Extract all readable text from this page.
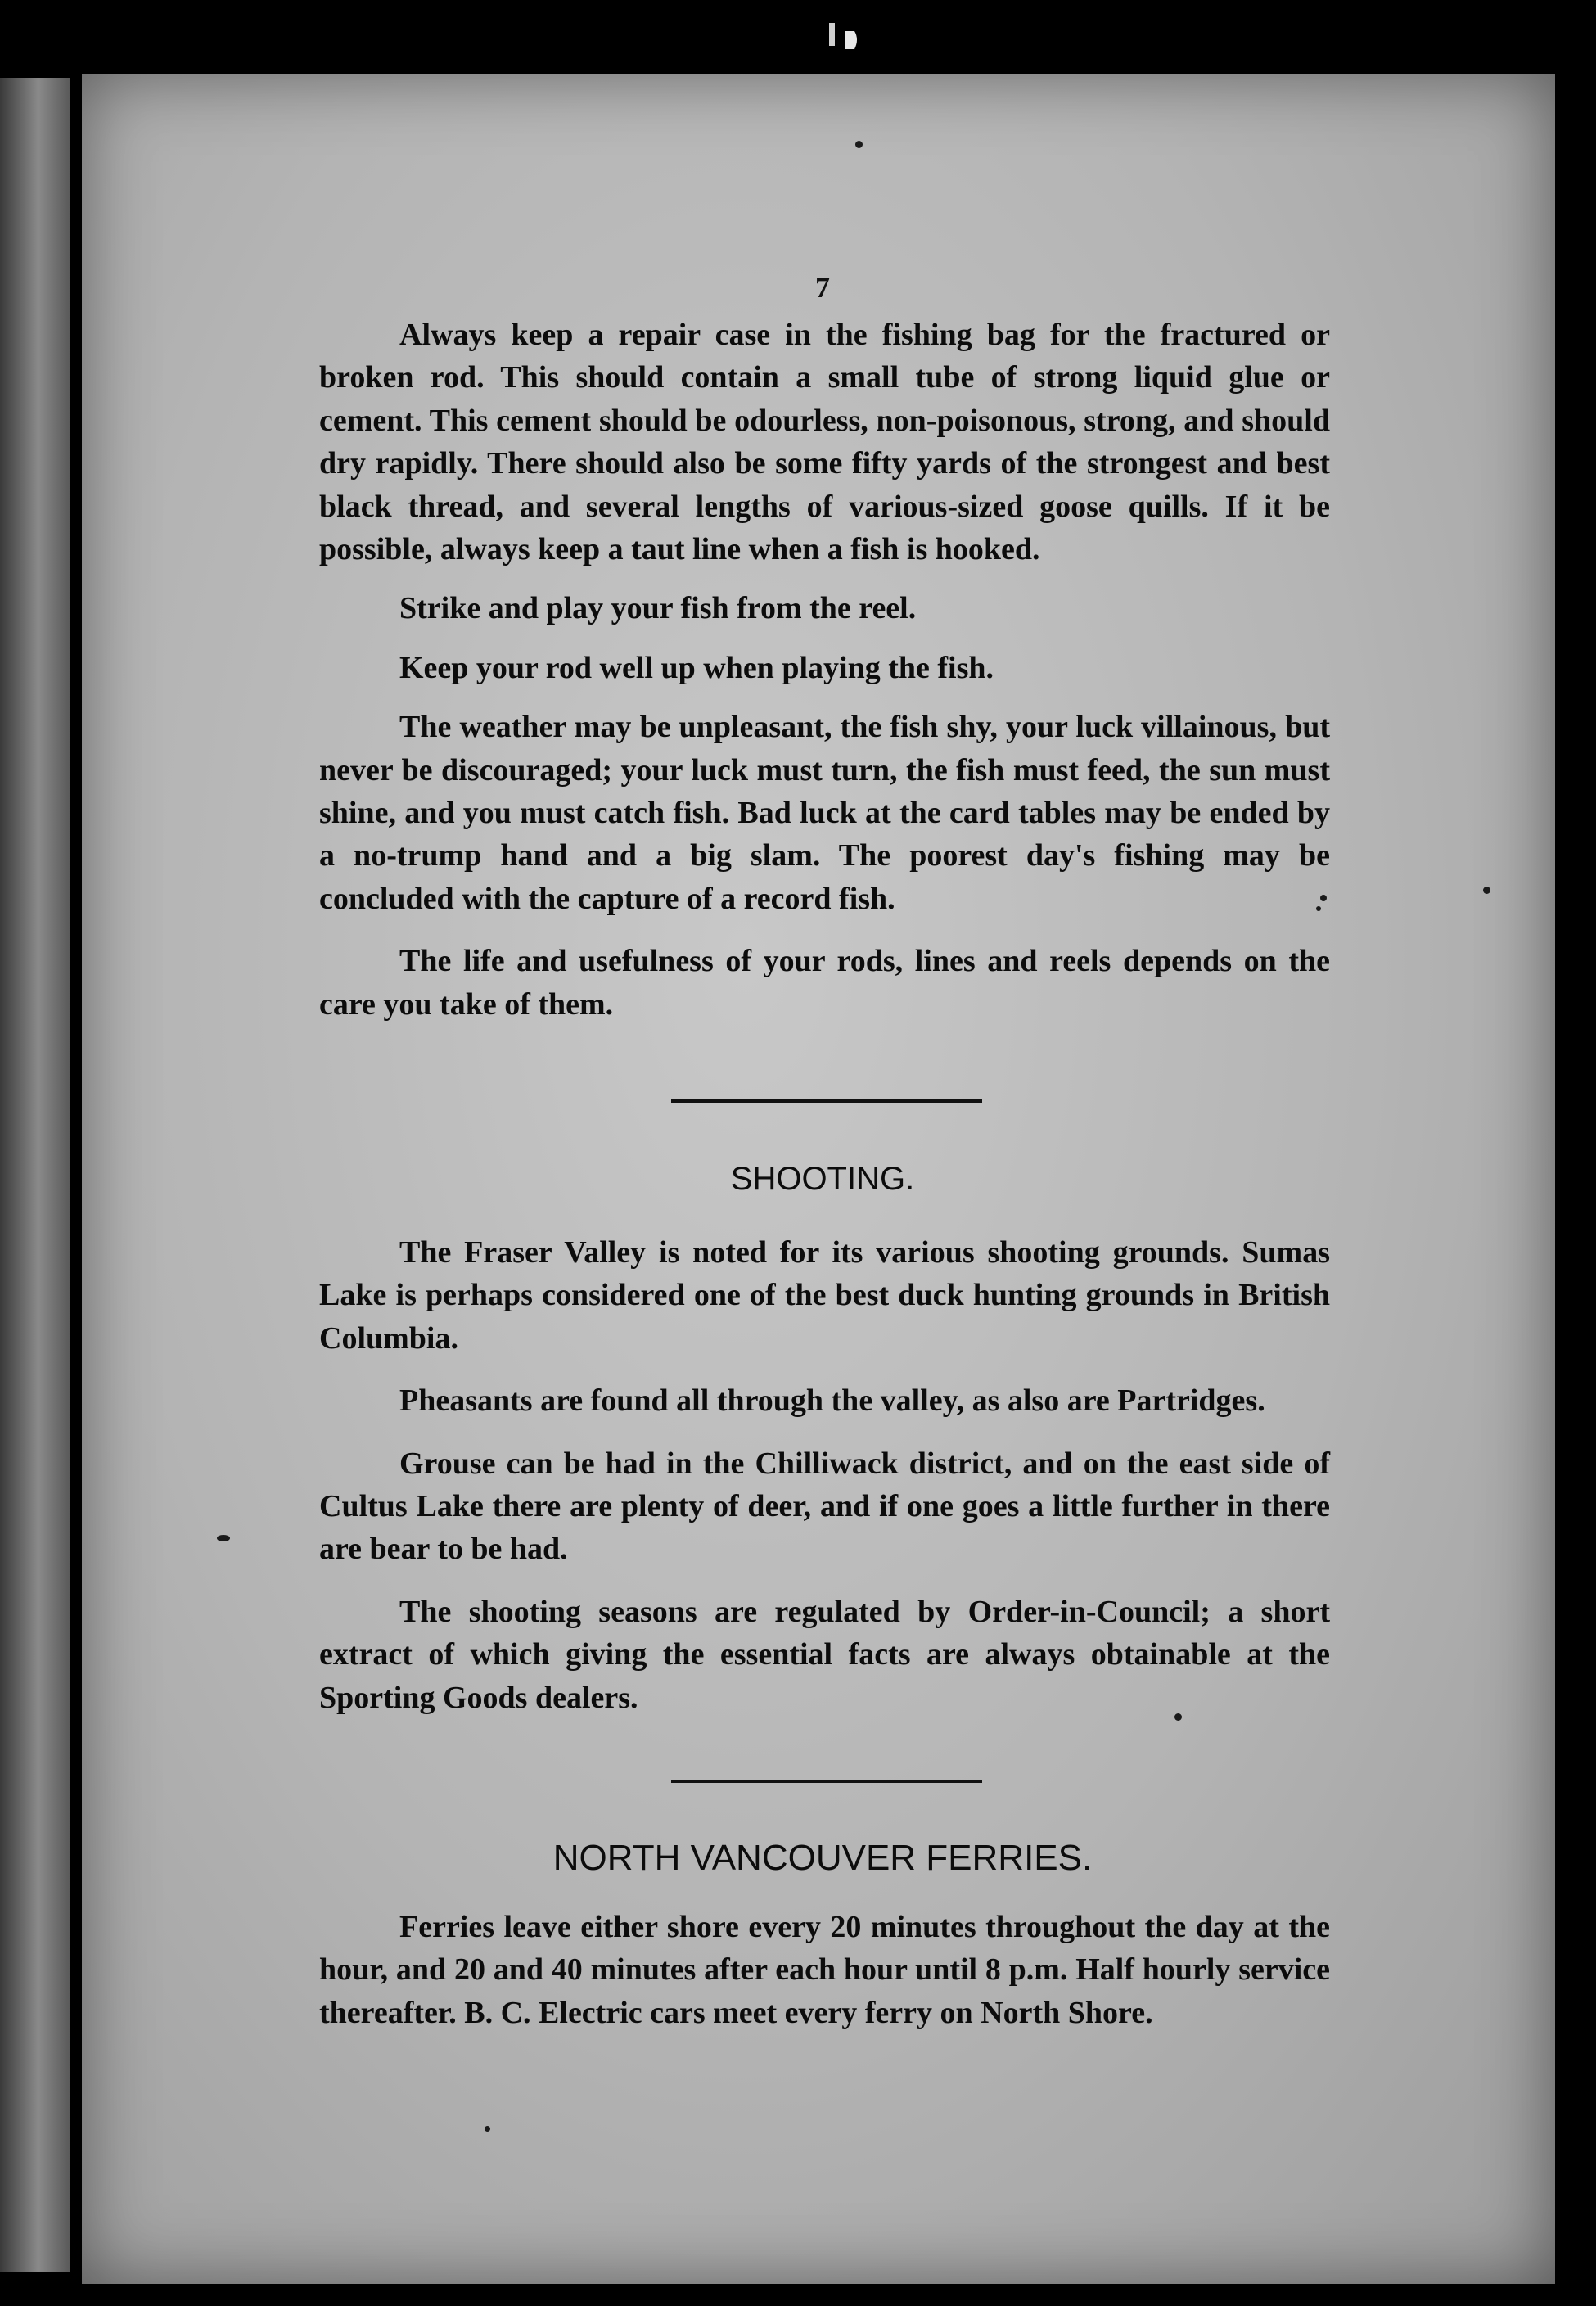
7

Always keep a repair case in the fishing bag for the fractured or broken rod. This should contain a small tube of strong liquid glue or cement. This cement should be odourless, non-poisonous, strong, and should dry rapidly. There should also be some fifty yards of the strongest and best black thread, and several lengths of various-sized goose quills. If it be possible, always keep a taut line when a fish is hooked.

Strike and play your fish from the reel.

Keep your rod well up when playing the fish.

The weather may be unpleasant, the fish shy, your luck villainous, but never be discouraged; your luck must turn, the fish must feed, the sun must shine, and you must catch fish. Bad luck at the card tables may be ended by a no-trump hand and a big slam. The poorest day's fishing may be concluded with the capture of a record fish.

The life and usefulness of your rods, lines and reels depends on the care you take of them.

SHOOTING.

The Fraser Valley is noted for its various shooting grounds. Sumas Lake is perhaps considered one of the best duck hunting grounds in British Columbia.

Pheasants are found all through the valley, as also are Partridges.

Grouse can be had in the Chilliwack district, and on the east side of Cultus Lake there are plenty of deer, and if one goes a little further in there are bear to be had.

The shooting seasons are regulated by Order-in-Council; a short extract of which giving the essential facts are always obtainable at the Sporting Goods dealers.

NORTH VANCOUVER FERRIES.

Ferries leave either shore every 20 minutes throughout the day at the hour, and 20 and 40 minutes after each hour until 8 p.m. Half hourly service thereafter. B. C. Electric cars meet every ferry on North Shore.
